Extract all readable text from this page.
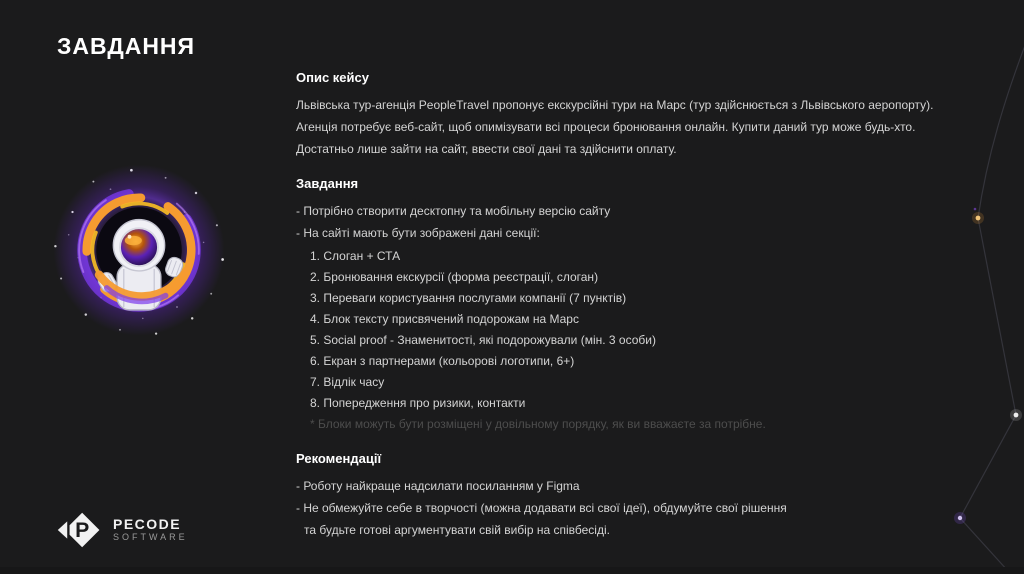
ЗАВДАННЯ
Опис кейсу
Львівська тур-агенція PeopleTravel пропонує екскурсійні тури на Марс (тур здійснюється з Львівського аеропорту).
Агенція потребує веб-сайт, щоб опимізувати всі процеси бронювання онлайн. Купити даний тур може будь-хто.
Достатньо лише зайти на сайт, ввести свої дані та здійснити оплату.
Завдання
- Потрібно створити десктопну та мобільну версію сайту
- На сайті мають бути зображені дані секції:
1. Слоган + СТА
2. Бронювання екскурсії (форма реєстрації, слоган)
3. Переваги користування послугами компанії (7 пунктів)
4. Блок тексту присвячений подорожам на Марс
5. Social proof - Знаменитості, які подорожували (мін. 3 особи)
6. Екран з партнерами (кольорові логотипи, 6+)
7. Відлік часу
8. Попередження про ризики, контакти
* Блоки можуть бути розміщені у довільному порядку, як ви вважаєте за потрібне.
Рекомендації
- Роботу найкраще надсилати посиланням у Figma
- Не обмежуйте себе в творчості (можна додавати всі свої ідеї), обдумуйте свої рішення
та будьте готові аргументувати свій вибір на співбесіді.
P PECODE
SOFTWARE
